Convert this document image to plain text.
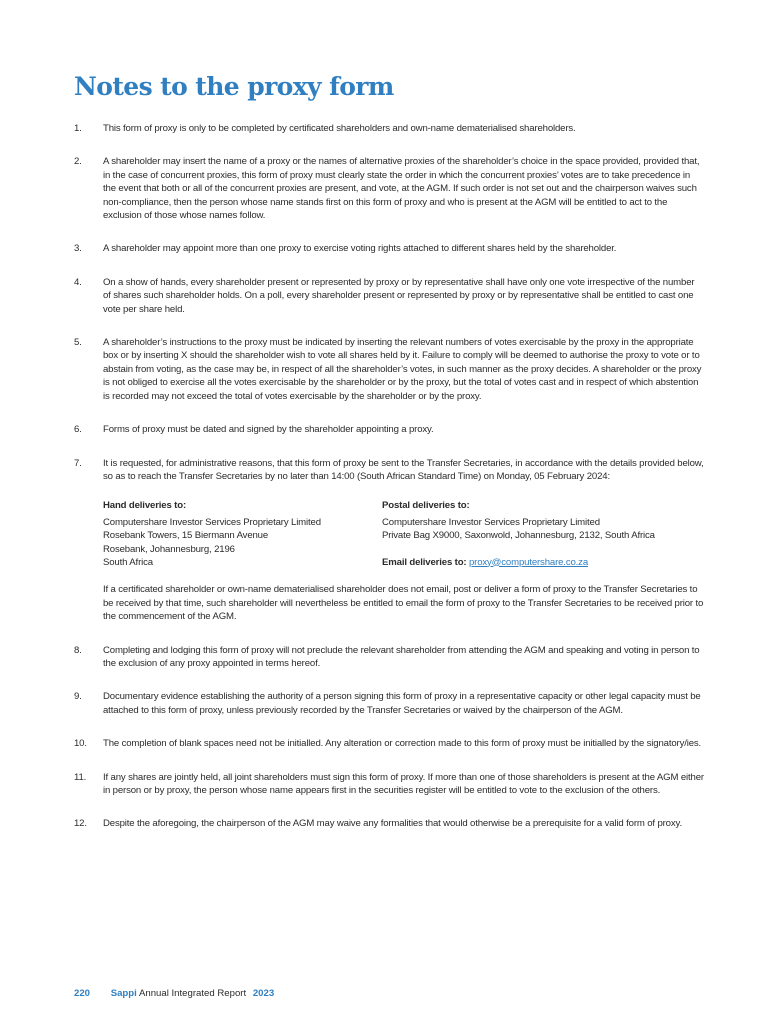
Notes to the proxy form
1. This form of proxy is only to be completed by certificated shareholders and own-name dematerialised shareholders.

2. A shareholder may insert the name of a proxy or the names of alternative proxies of the shareholder’s choice in the space provided, provided that, in the case of concurrent proxies, this form of proxy must clearly state the order in which the concurrent proxies’ votes are to take precedence in the event that both or all of the concurrent proxies are present, and vote, at the AGM. If such order is not set out and the chairperson waives such non-compliance, then the person whose name stands first on this form of proxy and who is present at the AGM will be entitled to act to the exclusion of those whose names follow.

3. A shareholder may appoint more than one proxy to exercise voting rights attached to different shares held by the shareholder.

4. On a show of hands, every shareholder present or represented by proxy or by representative shall have only one vote irrespective of the number of shares such shareholder holds. On a poll, every shareholder present or represented by proxy or by representative shall be entitled to cast one vote per share held.

5. A shareholder’s instructions to the proxy must be indicated by inserting the relevant numbers of votes exercisable by the proxy in the appropriate box or by inserting X should the shareholder wish to vote all shares held by it. Failure to comply will be deemed to authorise the proxy to vote or to abstain from voting, as the case may be, in respect of all the shareholder’s votes, in such manner as the proxy decides. A shareholder or the proxy is not obliged to exercise all the votes exercisable by the shareholder or by the proxy, but the total of votes cast and in respect of which abstention is recorded may not exceed the total of votes exercisable by the shareholder or by the proxy.

6. Forms of proxy must be dated and signed by the shareholder appointing a proxy.

7. It is requested, for administrative reasons, that this form of proxy be sent to the Transfer Secretaries, in accordance with the details provided below, so as to reach the Transfer Secretaries by no later than 14:00 (South African Standard Time) on Monday, 05 February 2024:

Hand deliveries to:
Computershare Investor Services Proprietary Limited
Rosebank Towers, 15 Biermann Avenue
Rosebank, Johannesburg, 2196
South Africa
Postal deliveries to:
Computershare Investor Services Proprietary Limited
Private Bag X9000, Saxonwold, Johannesburg, 2132, South Africa
Email deliveries to: proxy@computershare.co.za

If a certificated shareholder or own-name dematerialised shareholder does not email, post or deliver a form of proxy to the Transfer Secretaries to be received by that time, such shareholder will nevertheless be entitled to email the form of proxy to the Transfer Secretaries to be received prior to the commencement of the AGM.

8. Completing and lodging this form of proxy will not preclude the relevant shareholder from attending the AGM and speaking and voting in person to the exclusion of any proxy appointed in terms hereof.

9. Documentary evidence establishing the authority of a person signing this form of proxy in a representative capacity or other legal capacity must be attached to this form of proxy, unless previously recorded by the Transfer Secretaries or waived by the chairperson of the AGM.

10. The completion of blank spaces need not be initialled. Any alteration or correction made to this form of proxy must be initialled by the signatory/ies.

11. If any shares are jointly held, all joint shareholders must sign this form of proxy. If more than one of those shareholders is present at the AGM either in person or by proxy, the person whose name appears first in the securities register will be entitled to vote to the exclusion of the others.

12. Despite the aforegoing, the chairperson of the AGM may waive any formalities that would otherwise be a prerequisite for a valid form of proxy.

220 Sappi Annual Integrated Report 2023
